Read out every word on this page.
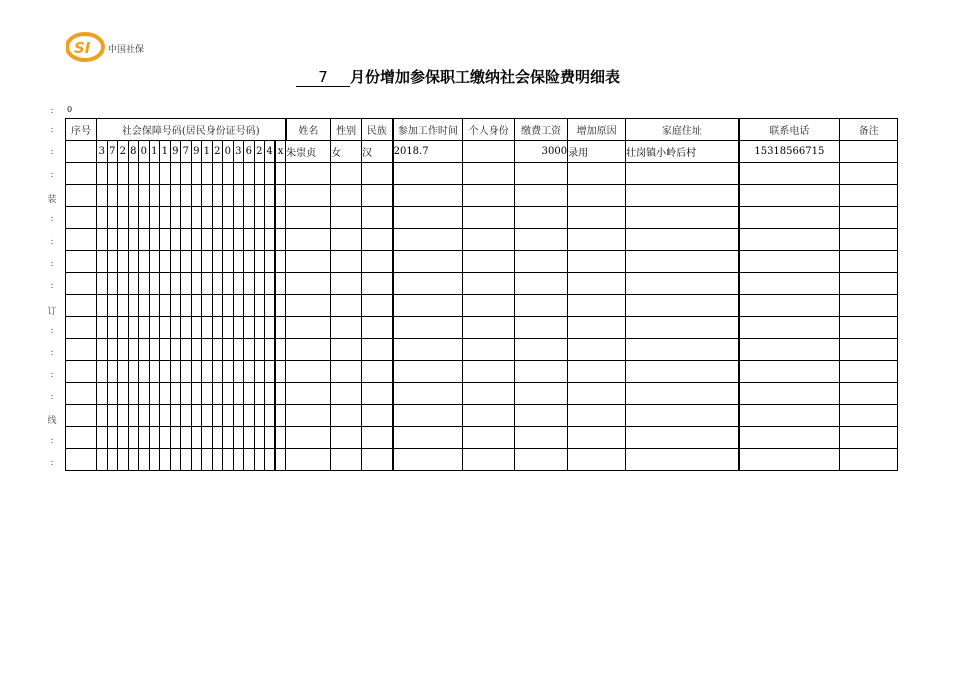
SI 中国社保
7 月份增加参保职工缴纳社会保险费明细表
0
:
:
:
:
装
:
:
:
:
订
:
:
:
:
线
:
:
序号	社会保障号码(居民身份证号码)																		姓名	性别	民族	参加工作时间	个人身份	缴费工资	增加原因	家庭住址	联系电话	备注
	3	7	2	8	0	1	1	9	7	9	1	2	0	3	6	2	4	x	朱崇贞	女	汉	2018.7		3000	录用	壮岗镇小岭后村	15318566715	
